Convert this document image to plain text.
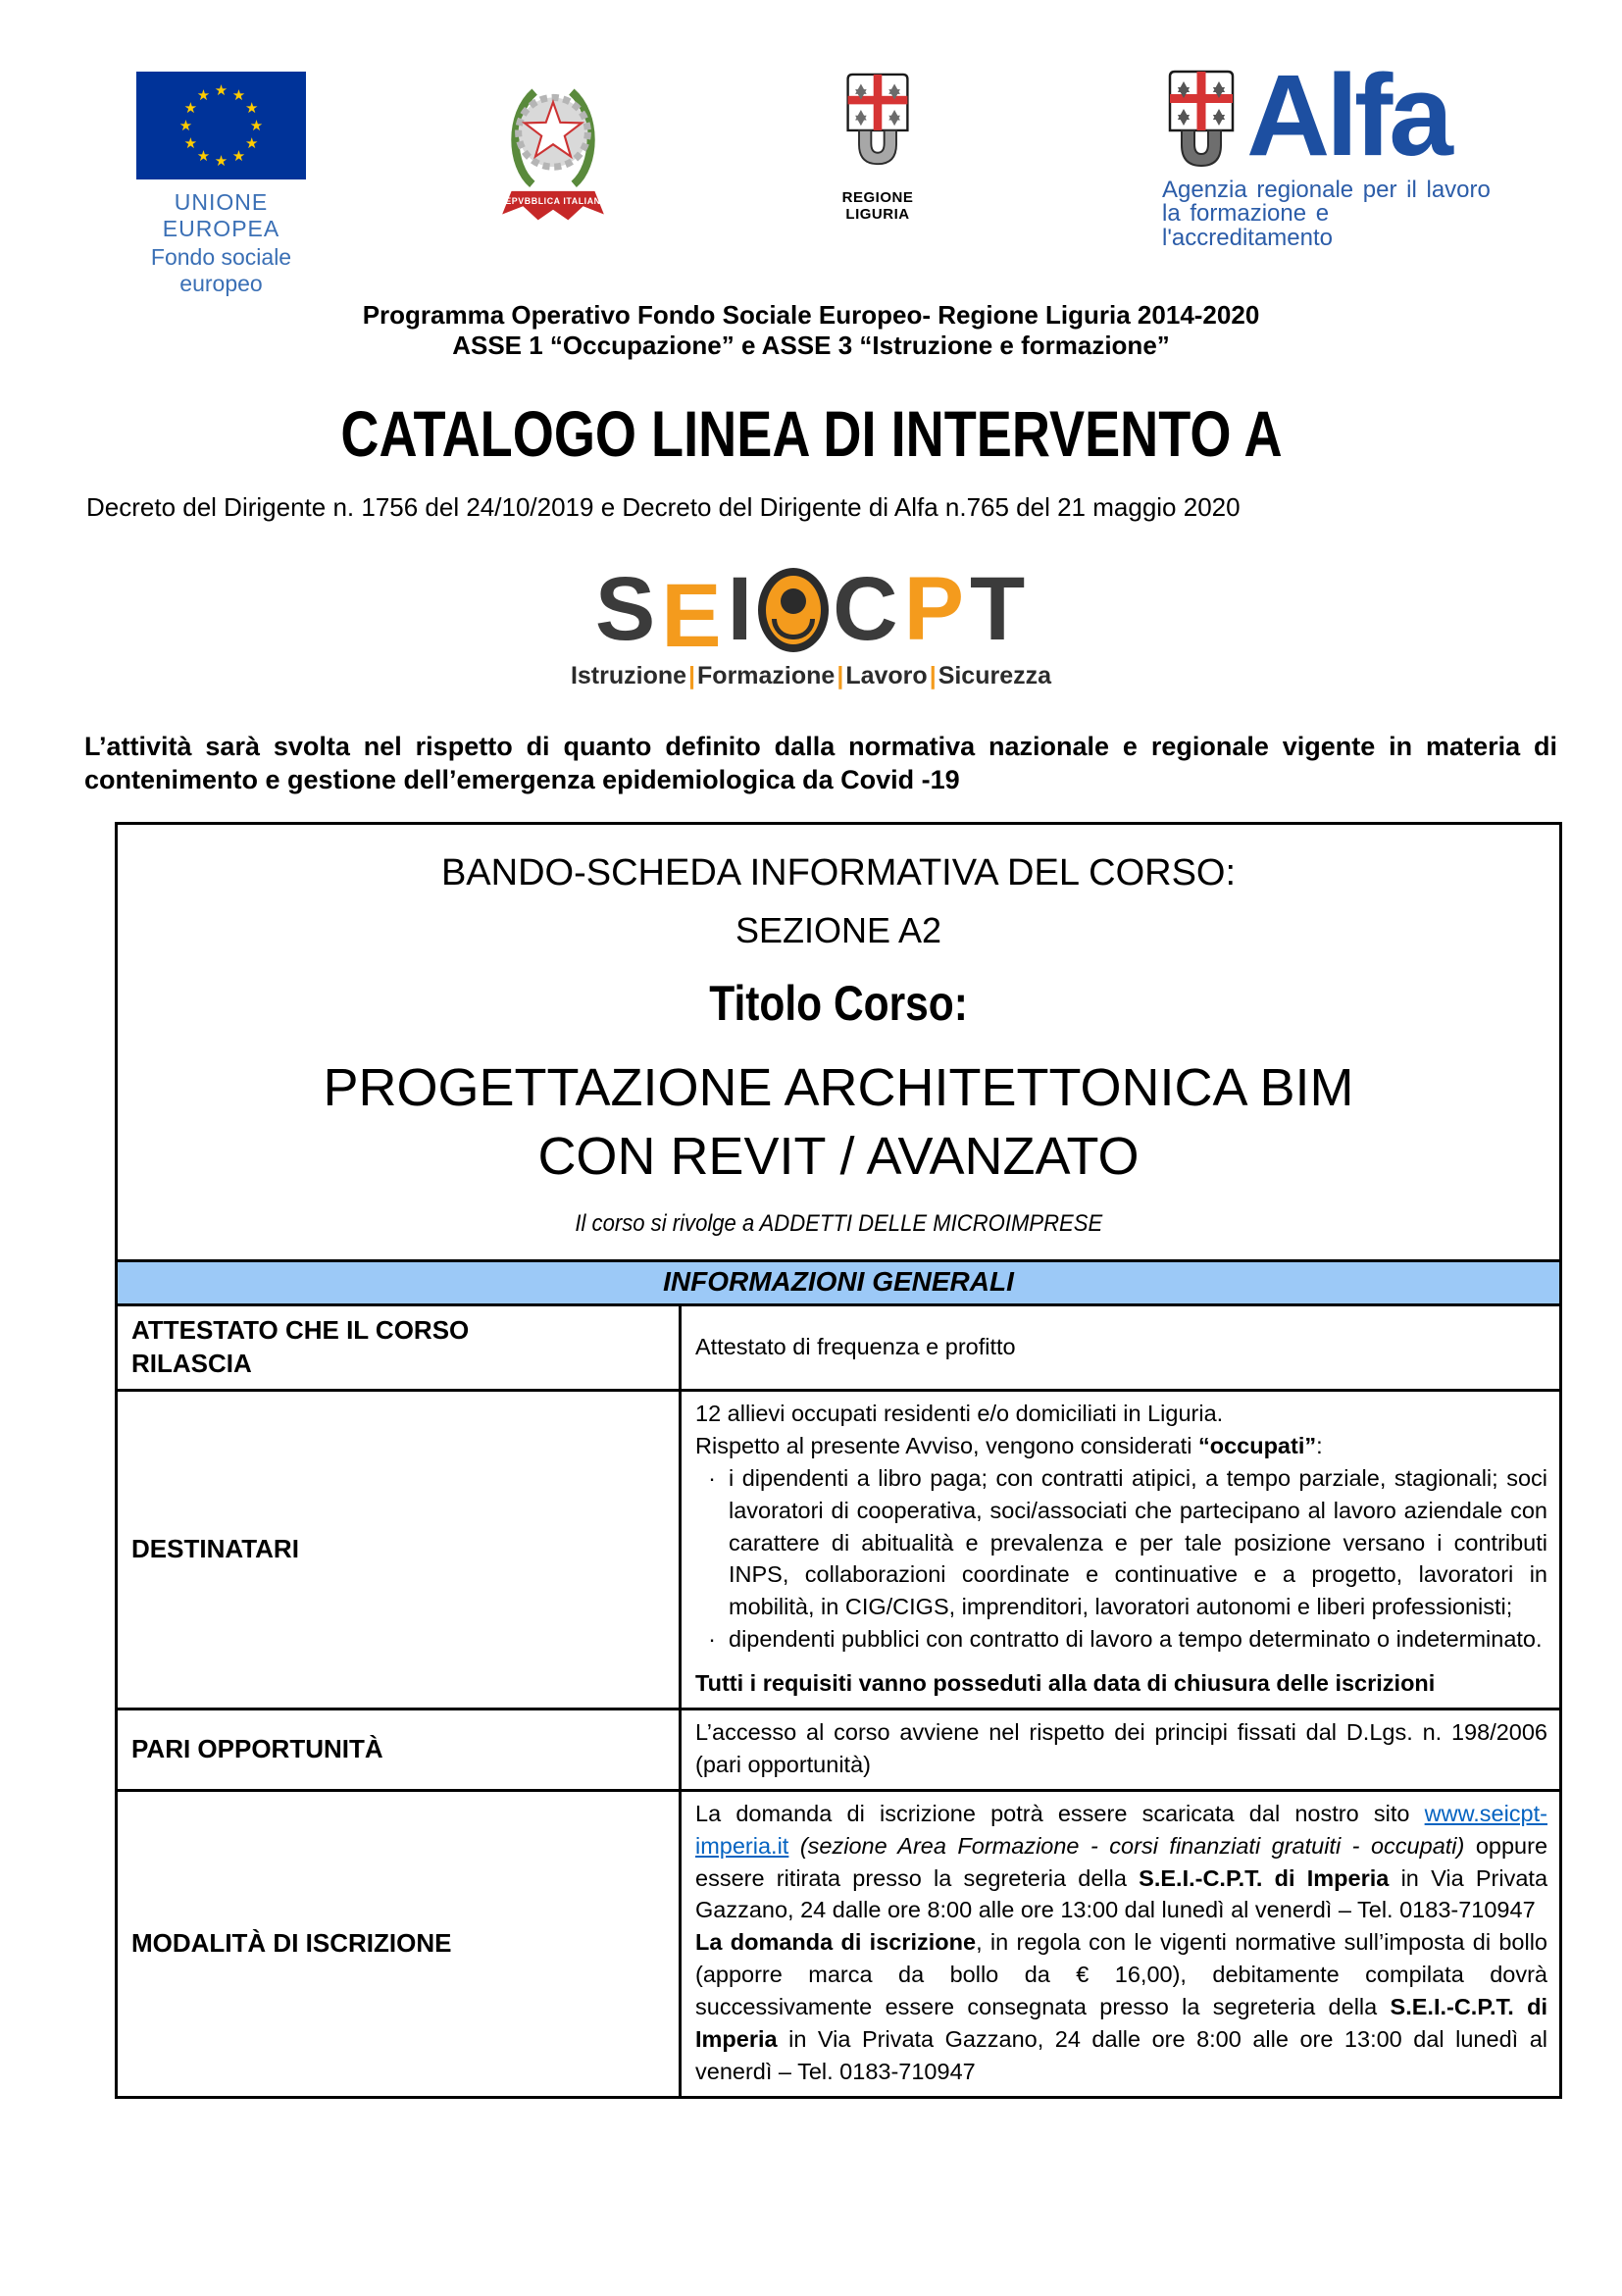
★ ★
★
★
★
★
★
★
★
★
★
★
UNIONE EUROPEA
Fondo sociale europeo
REPVBBLICA ITALIANA	REGIONE LIGURIA
Alfa
Agenzia regionale per il lavoro
la formazione e l'accreditamento
Programma Operativo Fondo Sociale Europeo- Regione Liguria 2014-2020
ASSE 1 “Occupazione” e ASSE 3 “Istruzione e formazione”
CATALOGO LINEA DI INTERVENTO A

Decreto del Dirigente n. 1756 del 24/10/2019 e Decreto del Dirigente di Alfa n.765 del 21 maggio 2020

S E I C P T
Istruzione|Formazione|Lavoro|Sicurezza

L’attività sarà svolta nel rispetto di quanto definito dalla normativa nazionale e regionale vigente in materia di contenimento e gestione dell’emergenza epidemiologica da Covid -19

BANDO-SCHEDA INFORMATIVA DEL CORSO:
SEZIONE A2
Titolo Corso:
PROGETTAZIONE ARCHITETTONICA BIM
CON REVIT / AVANZATO
Il corso si rivolge a ADDETTI DELLE MICROIMPRESE
INFORMAZIONI GENERALI
ATTESTATO CHE IL CORSO
RILASCIA
Attestato di frequenza e profitto
DESTINATARI
12 allievi occupati residenti e/o domiciliati in Liguria.
Rispetto al presente Avviso, vengono considerati “occupati”:
· i dipendenti a libro paga; con contratti atipici, a tempo parziale, stagionali; soci lavoratori di cooperativa, soci/associati che partecipano al lavoro aziendale con carattere di abitualità e prevalenza e per tale posizione versano i contributi INPS, collaborazioni coordinate e continuative e a progetto, lavoratori in mobilità, in CIG/CIGS, imprenditori, lavoratori autonomi e liberi professionisti;
· dipendenti pubblici con contratto di lavoro a tempo determinato o indeterminato.
Tutti i requisiti vanno posseduti alla data di chiusura delle iscrizioni
PARI OPPORTUNITÀ
L’accesso al corso avviene nel rispetto dei principi fissati dal D.Lgs. n. 198/2006 (pari opportunità)
MODALITÀ DI ISCRIZIONE
La domanda di iscrizione potrà essere scaricata dal nostro sito www.seicpt-imperia.it (sezione Area Formazione - corsi finanziati gratuiti - occupati) oppure essere ritirata presso la segreteria della S.E.I.-C.P.T. di Imperia in Via Privata Gazzano, 24 dalle ore 8:00 alle ore 13:00 dal lunedì al venerdì – Tel. 0183-710947
La domanda di iscrizione, in regola con le vigenti normative sull’imposta di bollo (apporre marca da bollo da € 16,00), debitamente compilata dovrà successivamente essere consegnata presso la segreteria della S.E.I.-C.P.T. di Imperia in Via Privata Gazzano, 24 dalle ore 8:00 alle ore 13:00 dal lunedì al venerdì – Tel. 0183-710947
